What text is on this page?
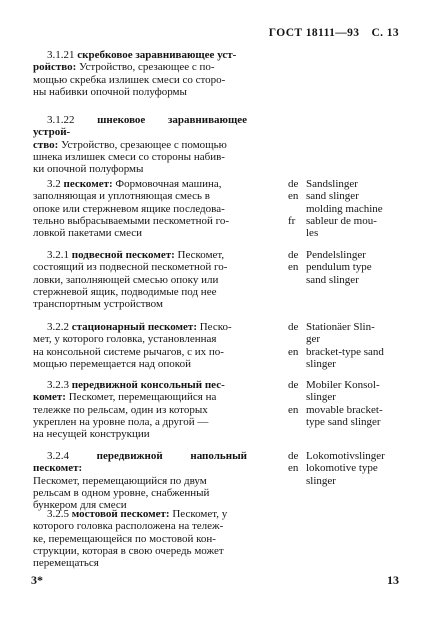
ГОСТ 18111—93 С. 13
3.1.21 скребковое заравнивающее уст-
ройство: Устройство, срезающее с по-
мощью скребка излишек смеси со сторо-
ны набивки опочной полуформы
3.1.22 шнековое заравнивающее устрой-
ство: Устройство, срезающее с помощью
шнека излишек смеси со стороны набив-
ки опочной полуформы
3.2 пескомет: Формовочная машина,
заполняющая и уплотняющая смесь в
опоке или стержневом ящике последова-
тельно выбрасываемыми пескометной го-
ловкой пакетами смеси
de Sandslinger
en sand slinger
molding machine
fr sableur de mou-
les
3.2.1 подвесной пескомет: Пескомет,
состоящий из подвесной пескометной го-
ловки, заполняющей смесью опоку или
стержневой ящик, подводимые под нее
транспортным устройством
de Pendelslinger
en pendulum type
sand slinger
3.2.2 стационарный пескомет: Песко-
мет, у которого головка, установленная
на консольной системе рычагов, с их по-
мощью перемещается над опокой
de Stationäer Slin-
ger
en bracket-type sand
slinger
3.2.3 передвижной консольный пес-
комет: Пескомет, перемещающийся на
тележке по рельсам, один из которых
укреплен на уровне пола, а другой —
на несущей конструкции
de Mobiler Konsol-
slinger
en movable bracket-
type sand slinger
3.2.4 передвижной напольный пескомет:
Пескомет, перемещающийся по двум
рельсам в одном уровне, снабженный
бункером для смеси
de Lokomotivslinger
en lokomotive type
slinger
3.2.5 мостовой пескомет: Пескомет, у
которого головка расположена на тележ-
ке, перемещающейся по мостовой кон-
струкции, которая в свою очередь может
перемещаться
3*	13
